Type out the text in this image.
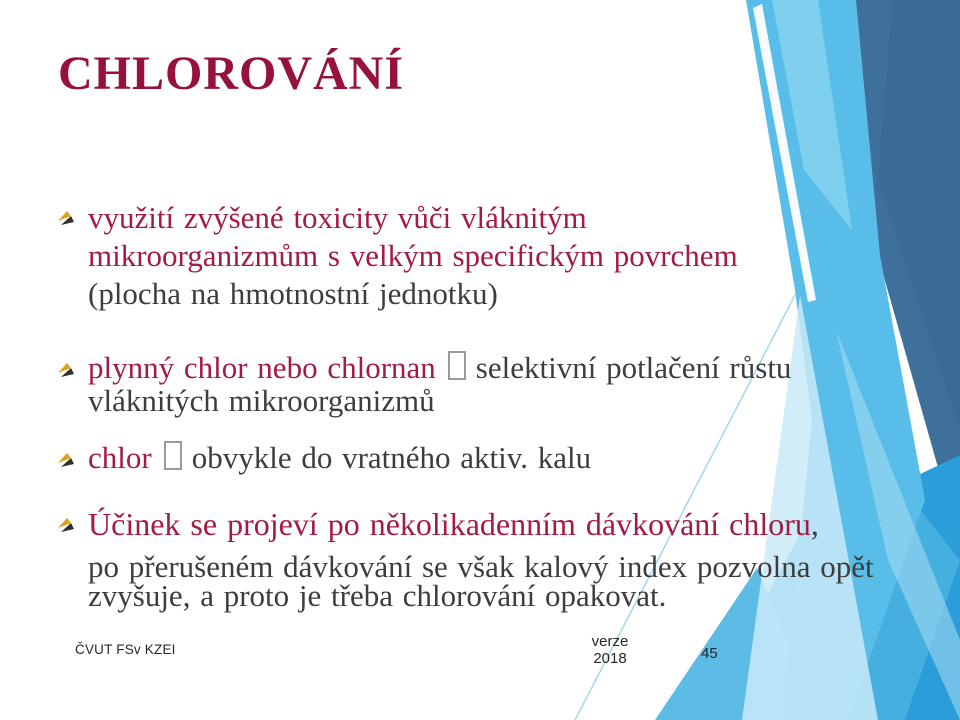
CHLOROVÁNÍ
využití zvýšené toxicity vůči vláknitým
mikroorganizmům s velkým specifickým povrchem
(plocha na hmotnostní jednotku)
plynný chlor nebo chlornan selektivní potlačení růstu
vláknitých mikroorganizmů
chlor obvykle do vratného aktiv. kalu
Účinek se projeví po několikadenním dávkování chloru,
po přerušeném dávkování se však kalový index pozvolna opět
zvyšuje, a proto je třeba chlorování opakovat.
ČVUT FSv KZEI	verze
2018	45
